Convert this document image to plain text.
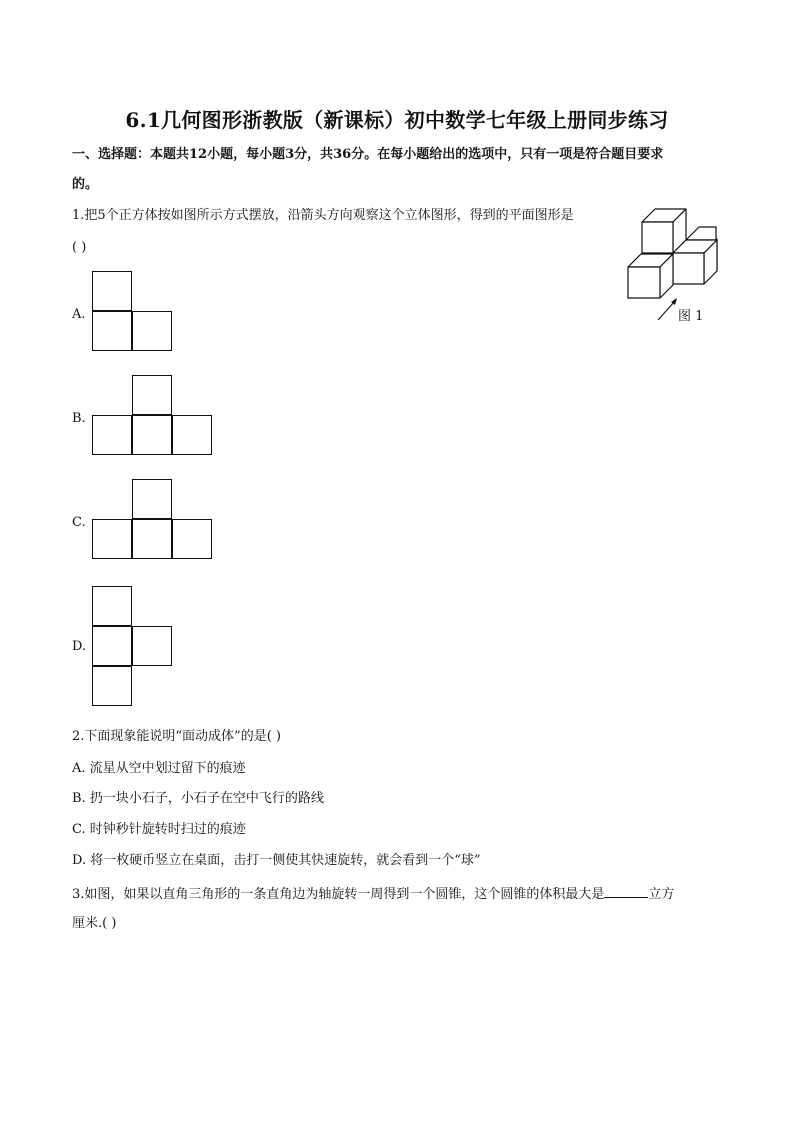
6.1几何图形浙教版（新课标）初中数学七年级上册同步练习
一、选择题：本题共12小题，每小题3分，共36分。在每小题给出的选项中，只有一项是符合题目要求
的。
1.把5个正方体按如图所示方式摆放，沿箭头方向观察这个立体图形，得到的平面图形是
( )
图 1
A.
B.
C.
D.
2.下面现象能说明“面动成体”的是( )
A. 流星从空中划过留下的痕迹
B. 扔一块小石子，小石子在空中飞行的路线
C. 时钟秒针旋转时扫过的痕迹
D. 将一枚硬币竖立在桌面，击打一侧使其快速旋转，就会看到一个“球”
3.如图，如果以直角三角形的一条直角边为轴旋转一周得到一个圆锥，这个圆锥的体积最大是	立方
厘米.( )
